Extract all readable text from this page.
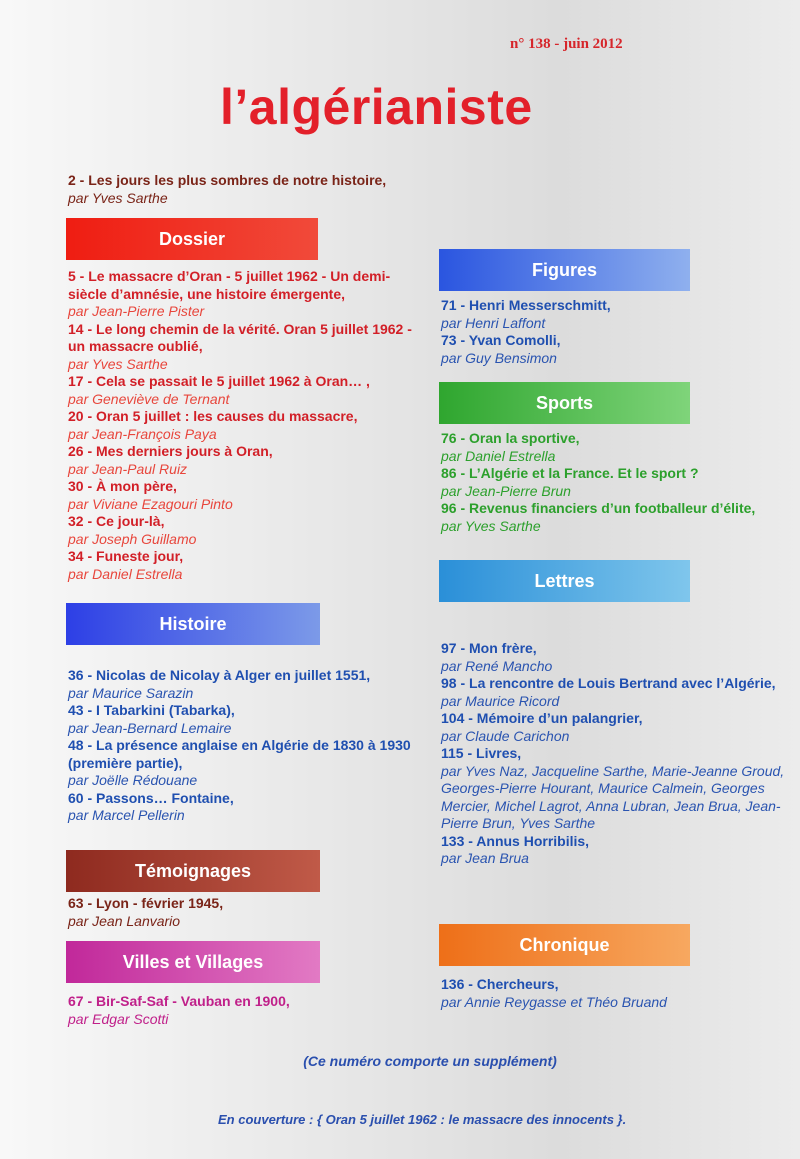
n° 138 - juin 2012
l’algérianiste

2 - Les jours les plus sombres de notre histoire,

par Yves Sarthe

Dossier
Histoire
Témoignages
Villes et Villages
Figures
Sports
Lettres
Chronique

5 - Le massacre d’Oran - 5 juillet 1962 - Un demi-siècle d’amnésie, une histoire émergente,

par Jean-Pierre Pister

14 - Le long chemin de la vérité. Oran 5 juillet 1962 - un massacre oublié,

par Yves Sarthe

17 - Cela se passait le 5 juillet 1962 à Oran… ,

par Geneviève de Ternant

20 - Oran 5 juillet : les causes du massacre,

par Jean-François Paya

26 - Mes derniers jours à Oran,

par Jean-Paul Ruiz

30 - À mon père,

par Viviane Ezagouri Pinto

32 - Ce jour-là,

par Joseph Guillamo

34 - Funeste jour,

par Daniel Estrella

36 - Nicolas de Nicolay à Alger en juillet 1551,

par Maurice Sarazin

43 - I Tabarkini (Tabarka),

par Jean-Bernard Lemaire

48 - La présence anglaise en Algérie de 1830 à 1930 (première partie),

par Joëlle Rédouane

60 - Passons… Fontaine,

par Marcel Pellerin

63 - Lyon - février 1945,

par Jean Lanvario

67 - Bir-Saf-Saf - Vauban en 1900,

par Edgar Scotti

71 - Henri Messerschmitt,

par Henri Laffont

73 - Yvan Comolli,

par Guy Bensimon

76 - Oran la sportive,

par Daniel Estrella

86 - L’Algérie et la France. Et le sport ?

par Jean-Pierre Brun

96 - Revenus financiers d’un footballeur d’élite,

par Yves Sarthe

97 - Mon frère,

par René Mancho

98 - La rencontre de Louis Bertrand avec l’Algérie,

par Maurice Ricord

104 - Mémoire d’un palangrier,

par Claude Carichon

115 - Livres,

par Yves Naz, Jacqueline Sarthe, Marie-Jeanne Groud, Georges-Pierre Hourant, Maurice Calmein, Georges Mercier, Michel Lagrot, Anna Lubran, Jean Brua, Jean-Pierre Brun, Yves Sarthe

133 - Annus Horribilis,

par Jean Brua

136 - Chercheurs,

par Annie Reygasse et Théo Bruand

(Ce numéro comporte un supplément)
En couverture : { Oran 5 juillet 1962 : le massacre des innocents }.
